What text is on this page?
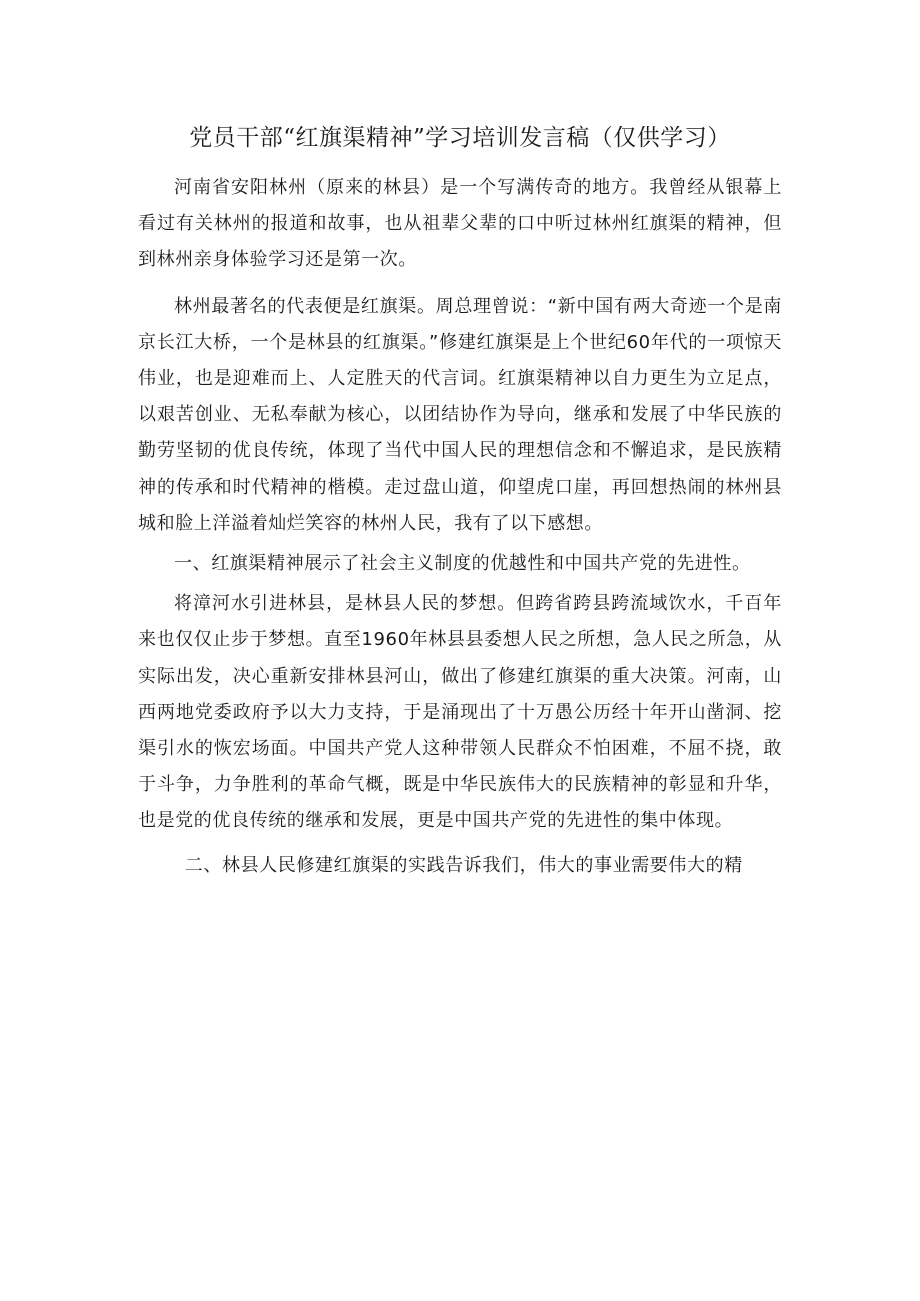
党员干部“红旗渠精神”学习培训发言稿（仅供学习）

河南省安阳林州（原来的林县）是一个写满传奇的地方。我曾经从银幕上看过有关林州的报道和故事，也从祖辈父辈的口中听过林州红旗渠的精神，但到林州亲身体验学习还是第一次。

林州最著名的代表便是红旗渠。周总理曾说：“新中国有两大奇迹一个是南京长江大桥，一个是林县的红旗渠。”修建红旗渠是上个世纪60年代的一项惊天伟业，也是迎难而上、人定胜天的代言词。红旗渠精神以自力更生为立足点，以艰苦创业、无私奉献为核心，以团结协作为导向，继承和发展了中华民族的勤劳坚韧的优良传统，体现了当代中国人民的理想信念和不懈追求，是民族精神的传承和时代精神的楷模。走过盘山道，仰望虎口崖，再回想热闹的林州县城和脸上洋溢着灿烂笑容的林州人民，我有了以下感想。

一、红旗渠精神展示了社会主义制度的优越性和中国共产党的先进性。

将漳河水引进林县，是林县人民的梦想。但跨省跨县跨流域饮水，千百年来也仅仅止步于梦想。直至1960年林县县委想人民之所想，急人民之所急，从实际出发，决心重新安排林县河山，做出了修建红旗渠的重大决策。河南，山西两地党委政府予以大力支持，于是涌现出了十万愚公历经十年开山凿洞、挖渠引水的恢宏场面。中国共产党人这种带领人民群众不怕困难，不屈不挠，敢于斗争，力争胜利的革命气概，既是中华民族伟大的民族精神的彰显和升华，也是党的优良传统的继承和发展，更是中国共产党的先进性的集中体现。

二、林县人民修建红旗渠的实践告诉我们，伟大的事业需要伟大的精
